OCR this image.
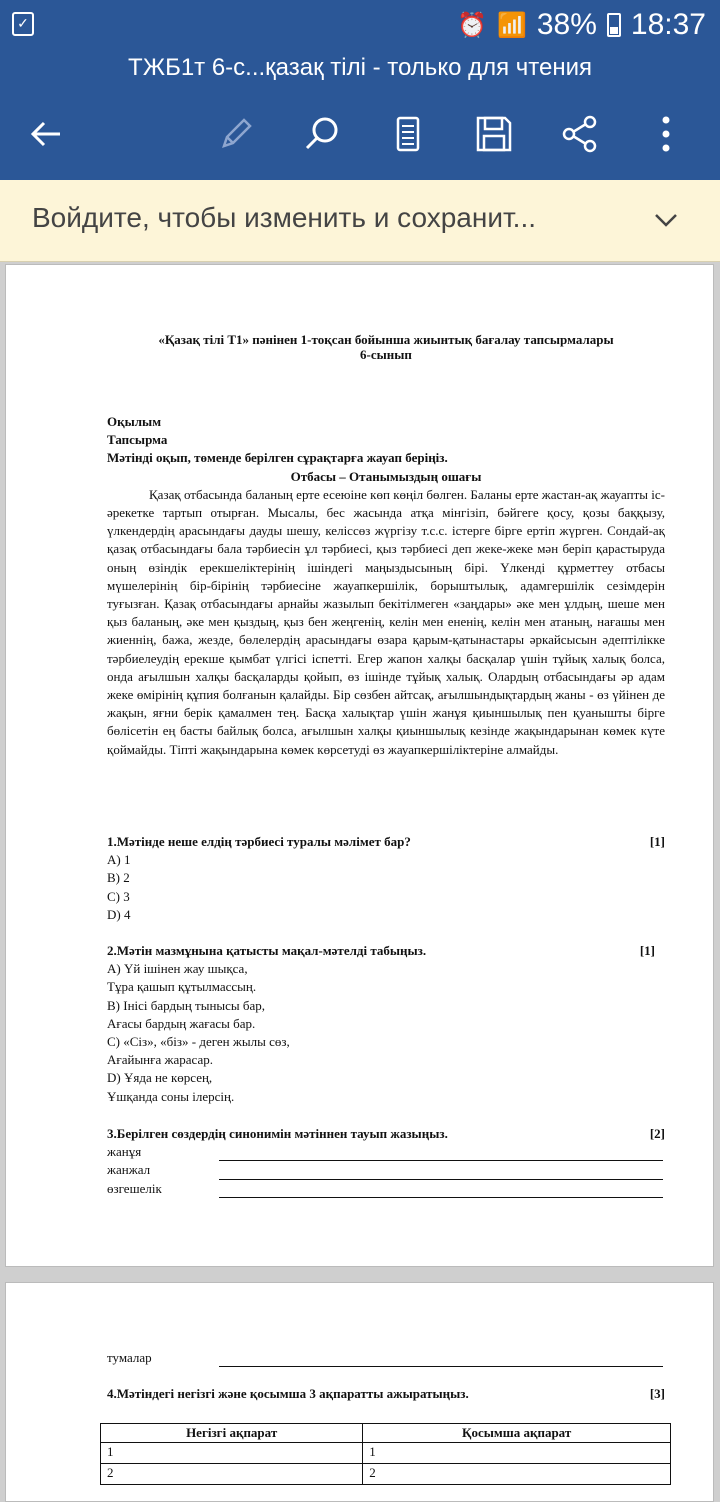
✓	⏰ 📶 38% 18:37
ТЖБ1т 6-с...қазақ тілі - только для чтения
Войдите, чтобы изменить и сохранит...
«Қазақ тілі Т1» пәнінен 1-тоқсан бойынша жиынтық бағалау тапсырмалары
6-сынып
Оқылым
Тапсырма
Мәтінді оқып, төменде берілген сұрақтарға жауап беріңіз.
Отбасы – Отанымыздың ошағы
Қазақ отбасында баланың ерте есеюіне көп көңіл бөлген. Баланы ерте жастан-ақ жауапты іс-әрекетке тартып отырған. Мысалы, бес жасында атқа мінгізіп, бәйгеге қосу, қозы баққызу, үлкендердің арасындағы дауды шешу, келіссөз жүргізу т.с.с. істерге бірге ертіп жүрген. Сондай-ақ қазақ отбасындағы бала тәрбиесін ұл тәрбиесі, қыз тәрбиесі деп жеке-жеке мән беріп қарастыруда оның өзіндік ерекшеліктерінің ішіндегі маңыздысының бірі. Үлкенді құрметтеу отбасы мүшелерінің бір-бірінің тәрбиесіне жауапкершілік, борыштылық, адамгершілік сезімдерін туғызған. Қазақ отбасындағы арнайы жазылып бекітілмеген «заңдары» әке мен ұлдың, шеше мен қыз баланың, әке мен қыздың, қыз бен жеңгенің, келін мен ененің, келін мен атаның, нағашы мен жиеннің, бажа, жезде, бөлелердің арасындағы өзара қарым-қатынастары әркайсысын әдептілікке тәрбиелеудің ерекше қымбат үлгісі іспетті. Егер жапон халқы басқалар үшін тұйық халық болса, онда ағылшын халқы басқаларды қойып, өз ішінде тұйық халық. Олардың отбасындағы әр адам жеке өмірінің құпия болғанын қалайды. Бір сөзбен айтсақ, ағылшындықтардың жаны - өз үйінен де жақын, яғни берік қамалмен тең. Басқа халықтар үшін жанұя қиыншылық пен қуанышты бірге бөлісетін ең басты байлық болса, ағылшын халқы қиыншылық кезінде жақындарынан көмек күте қоймайды. Тіпті жақындарына көмек көрсетуді өз жауапкершіліктеріне алмайды.
1.Мәтінде неше елдің тәрбиесі туралы мәлімет бар?	[1]
A) 1
B) 2
C) 3
D) 4
2.Мәтін мазмұнына қатысты мақал-мәтелді табыңыз.	[1]
A) Үй ішінен жау шықса,
Тұра қашып құтылмассың.
B) Інісі бардың тынысы бар,
Ағасы бардың жағасы бар.
C) «Сіз», «біз» - деген жылы сөз,
Ағайынға жарасар.
D) Ұяда не көрсең,
Ұшқанда соны ілерсің.
3.Берілген сөздердің синонимін мәтіннен тауып жазыңыз.	[2]
жанұя
жанжал
өзгешелік
тумалар
4.Мәтіндегі негізгі және қосымша 3 ақпаратты ажыратыңыз.	[3]
Негізгі ақпарат	Қосымша ақпарат
1	1
2	2
